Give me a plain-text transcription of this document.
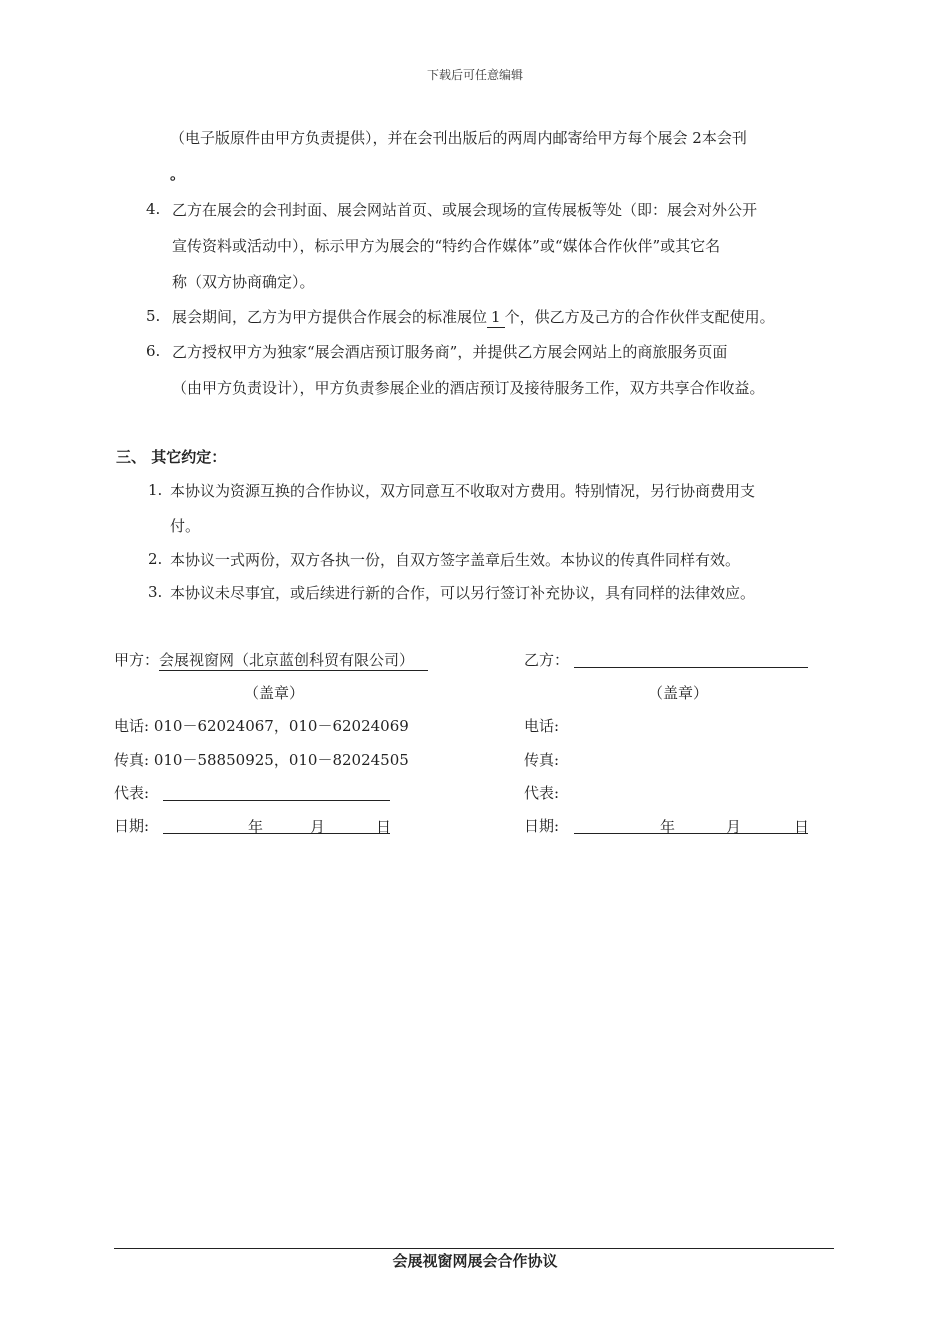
下载后可任意编辑
（电子版原件由甲方负责提供），并在会刊出版后的两周内邮寄给甲方每个展会 2本会刊
。
4. 乙方在展会的会刊封面、展会网站首页、或展会现场的宣传展板等处（即：展会对外公开
宣传资料或活动中），标示甲方为展会的“特约合作媒体”或“媒体合作伙伴”或其它名
称（双方协商确定）。
5. 展会期间，乙方为甲方提供合作展会的标准展位 1 个，供乙方及己方的合作伙伴支配使用。
6. 乙方授权甲方为独家“展会酒店预订服务商”，并提供乙方展会网站上的商旅服务页面
（由甲方负责设计），甲方负责参展企业的酒店预订及接待服务工作，双方共享合作收益。
三、 其它约定：
1. 本协议为资源互换的合作协议，双方同意互不收取对方费用。特别情况，另行协商费用支
付。
2. 本协议一式两份，双方各执一份，自双方签字盖章后生效。本协议的传真件同样有效。
3. 本协议未尽事宜，或后续进行新的合作，可以另行签订补充协议，具有同样的法律效应。
甲方：会展视窗网（北京蓝创科贸有限公司）
（盖章）
电话: 010－62024067，010－62024069
传真: 010－58850925，010－82024505
代表:
日期:	年	月	日
乙方：
（盖章）
电话:
传真:
代表:
日期:	年	月	日
会展视窗网展会合作协议
